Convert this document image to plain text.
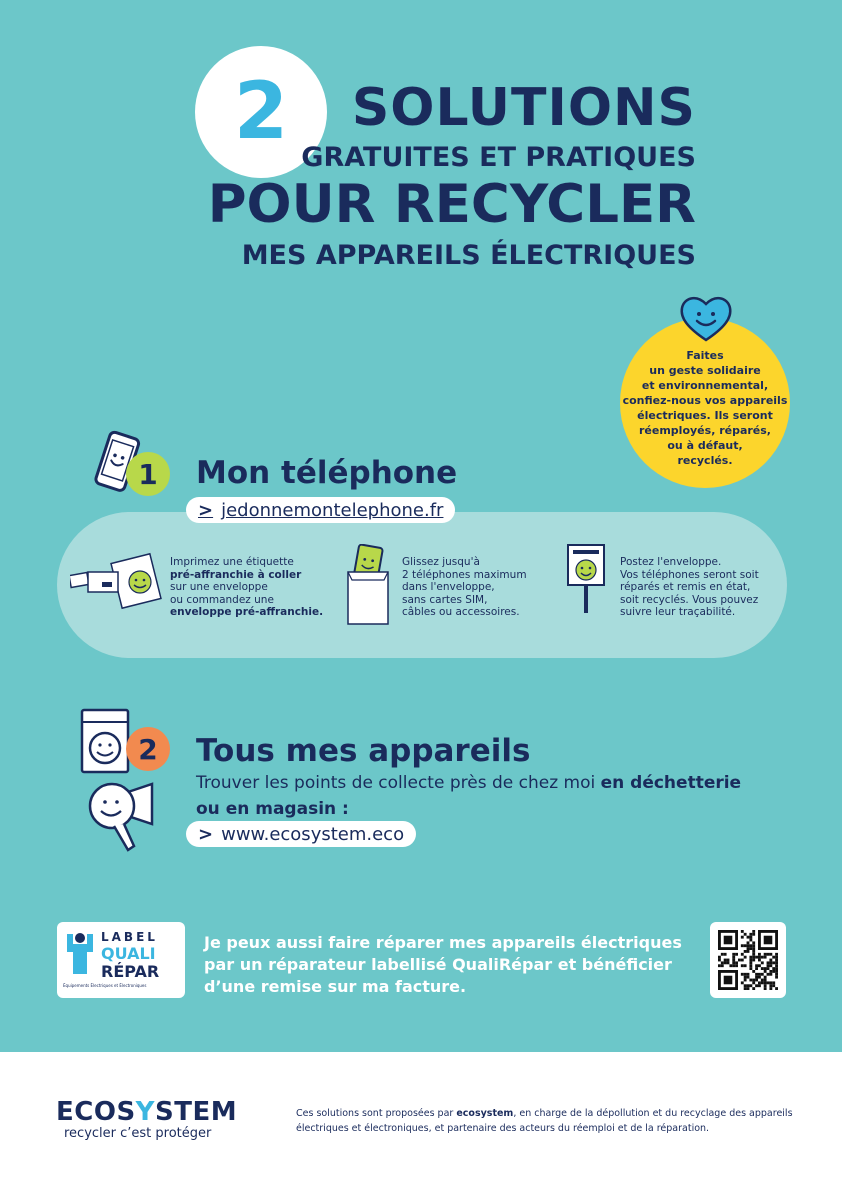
2	SOLUTIONS
GRATUITES ET PRATIQUES
POUR RECYCLER
MES APPAREILS ÉLECTRIQUES
Faites
un geste solidaire
et environnemental,
confiez-nous vos appareils
électriques. Ils seront
réemployés, réparés,
ou à défaut,
recyclés.
1	Mon téléphone
> jedonnemontelephone.fr
Imprimez une étiquette
pré-affranchie à coller
sur une enveloppe
ou commandez une
enveloppe pré-affranchie.
Glissez jusqu'à
2 téléphones maximum
dans l'enveloppe,
sans cartes SIM,
câbles ou accessoires.
Postez l'enveloppe.
Vos téléphones seront soit
réparés et remis en état,
soit recyclés. Vous pouvez
suivre leur traçabilité.
2	Tous mes appareils
Trouver les points de collecte près de chez moi en déchetterie
ou en magasin :
> www.ecosystem.eco
LABEL
QUALI
RÉPAR
Équipements Électriques et Électroniques
Je peux aussi faire réparer mes appareils électriques par un réparateur labellisé QualiRépar et bénéficier d’une remise sur ma facture.
ECOSYSTEM
recycler c’est protéger
Ces solutions sont proposées par ecosystem, en charge de la dépollution et du recyclage des appareils électriques et électroniques, et partenaire des acteurs du réemploi et de la réparation.
